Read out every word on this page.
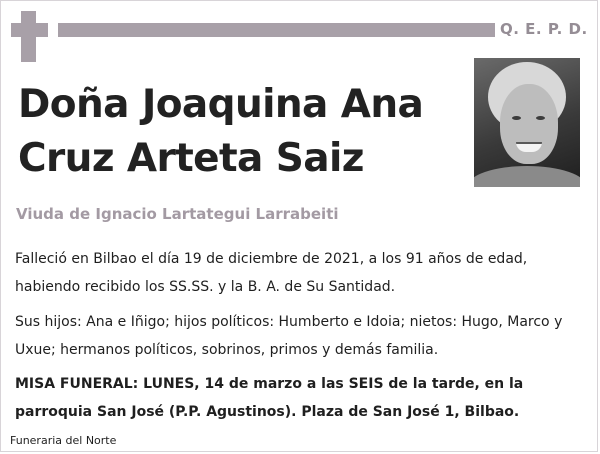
Q. E. P. D.
Doña Joaquina Ana Cruz Arteta Saiz
Viuda de Ignacio Lartategui Larrabeiti
Falleció en Bilbao el día 19 de diciembre de 2021, a los 91 años de edad, habiendo recibido los SS.SS. y la B. A. de Su Santidad.
Sus hijos: Ana e Iñigo; hijos políticos: Humberto e Idoia; nietos: Hugo, Marco y Uxue; hermanos políticos, sobrinos, primos y demás familia.
MISA FUNERAL: LUNES, 14 de marzo a las SEIS de la tarde, en la parroquia San José (P.P. Agustinos). Plaza de San José 1, Bilbao.
Funeraria del Norte
